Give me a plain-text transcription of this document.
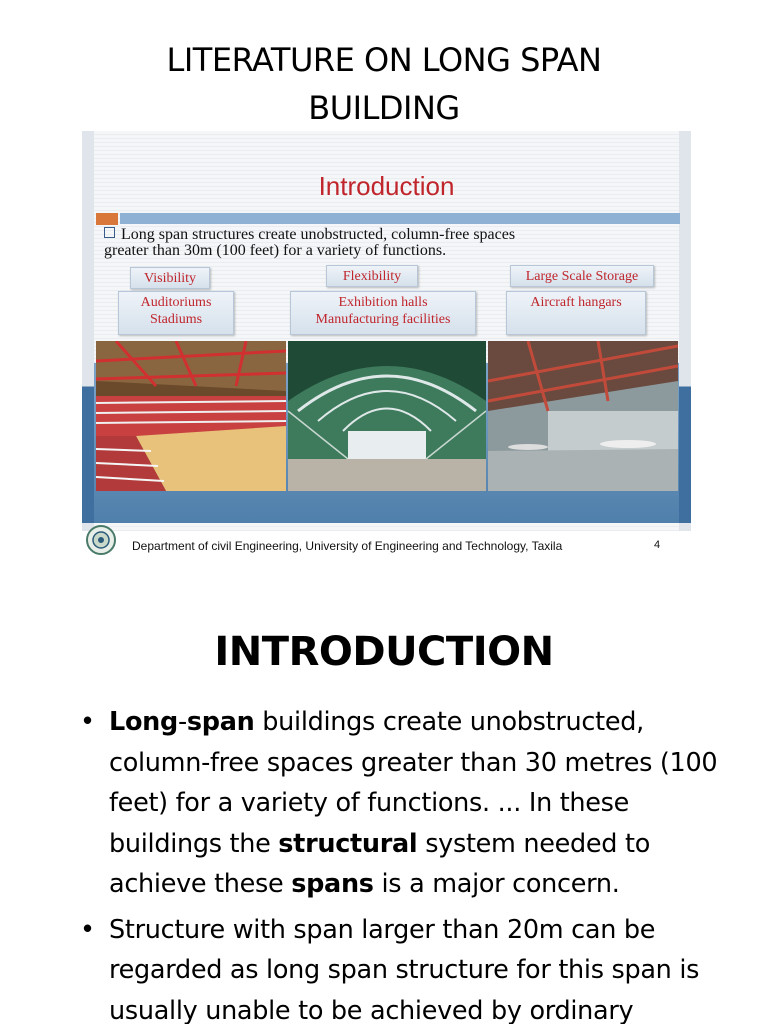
LITERATURE ON LONG SPAN
BUILDING
Introduction
Long span structures create unobstructed, column-free spaces
greater than 30m (100 feet) for a variety of functions.
Visibility	Flexibility	Large Scale Storage
Auditoriums
Stadiums
Exhibition halls
Manufacturing facilities
Aircraft hangars
Department of civil Engineering, University of Engineering and Technology, Taxila	4
INTRODUCTION
• Long-span buildings create unobstructed, column-free spaces greater than 30 metres (100 feet) for a variety of functions. ... In these buildings the structural system needed to achieve these spans is a major concern.
• Structure with span larger than 20m can be regarded as long span structure for this span is usually unable to be achieved by ordinary
